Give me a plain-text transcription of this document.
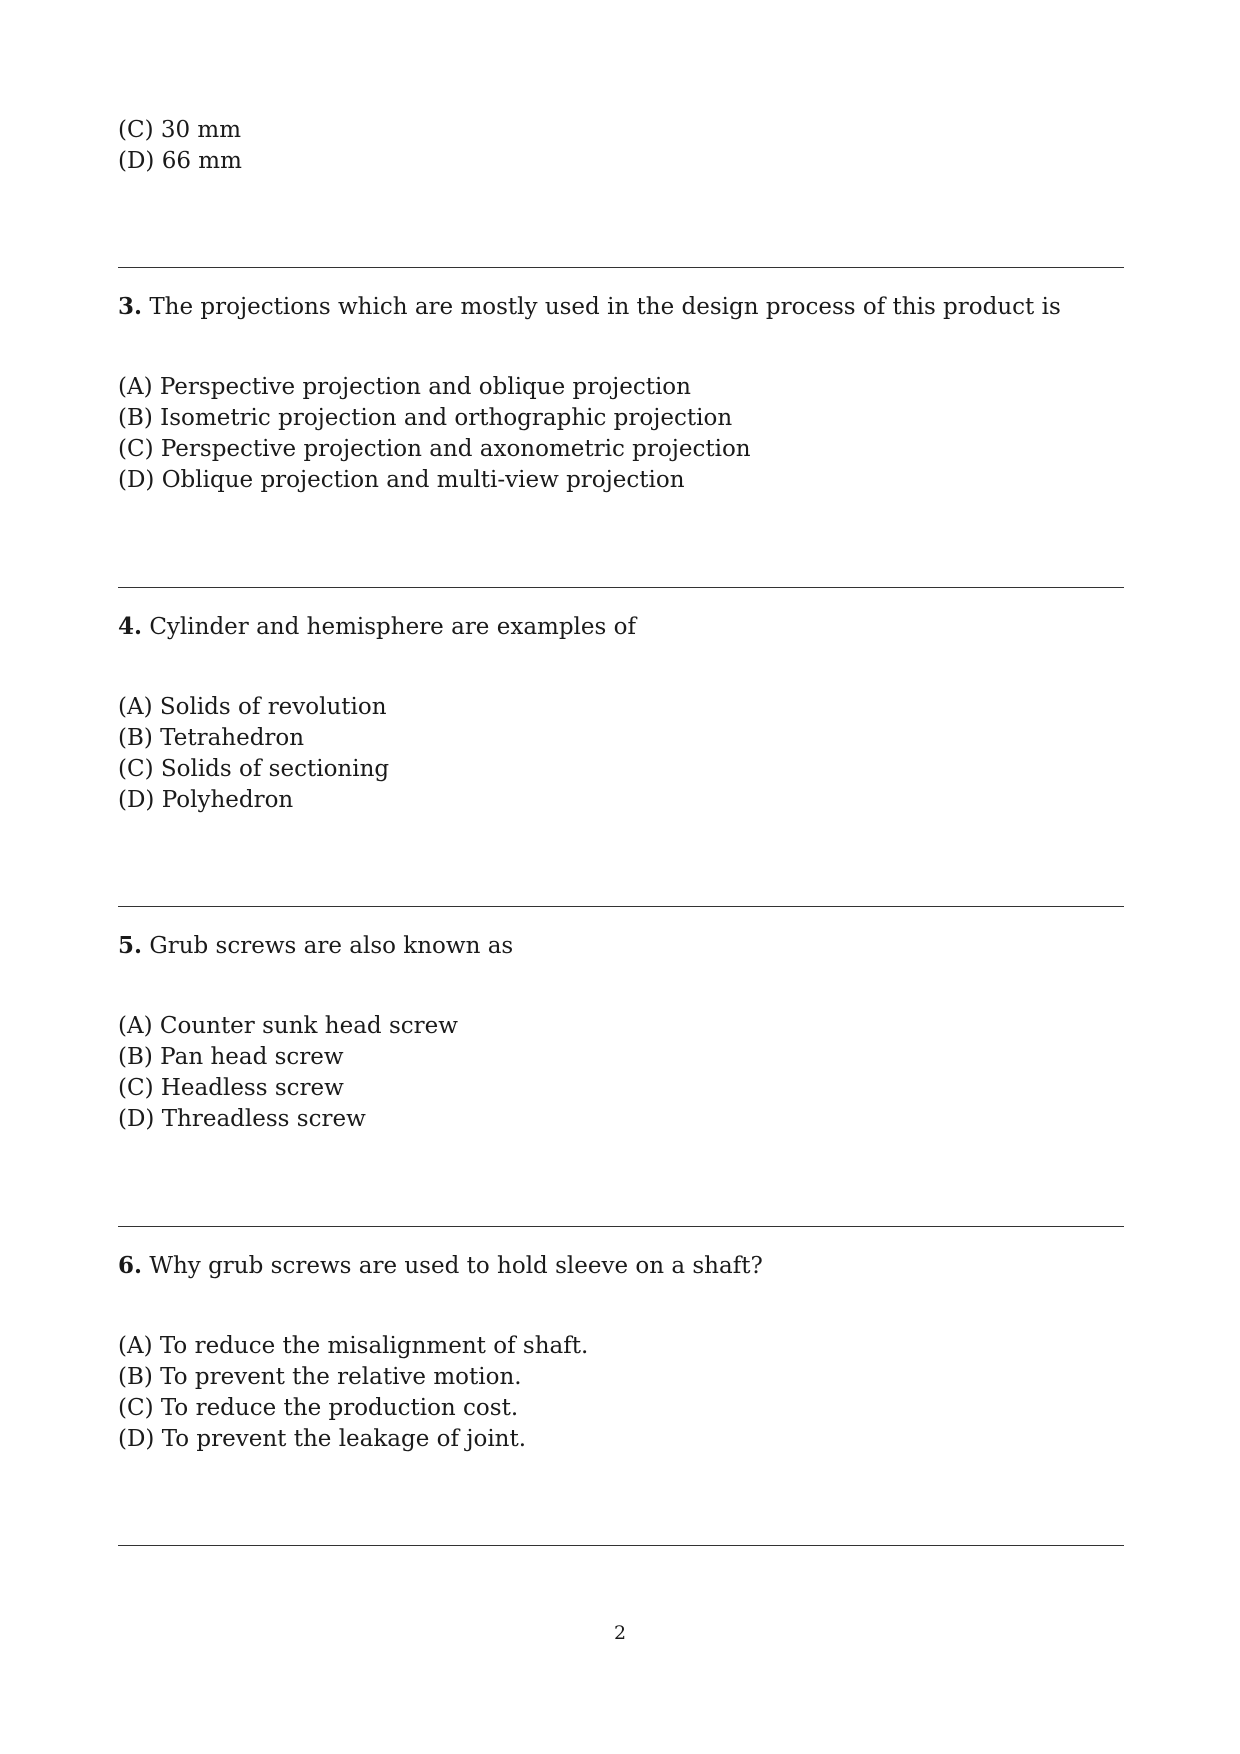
(C) 30 mm
(D) 66 mm
3. The projections which are mostly used in the design process of this product is
(A) Perspective projection and oblique projection
(B) Isometric projection and orthographic projection
(C) Perspective projection and axonometric projection
(D) Oblique projection and multi-view projection
4. Cylinder and hemisphere are examples of
(A) Solids of revolution
(B) Tetrahedron
(C) Solids of sectioning
(D) Polyhedron
5. Grub screws are also known as
(A) Counter sunk head screw
(B) Pan head screw
(C) Headless screw
(D) Threadless screw
6. Why grub screws are used to hold sleeve on a shaft?
(A) To reduce the misalignment of shaft.
(B) To prevent the relative motion.
(C) To reduce the production cost.
(D) To prevent the leakage of joint.
2
